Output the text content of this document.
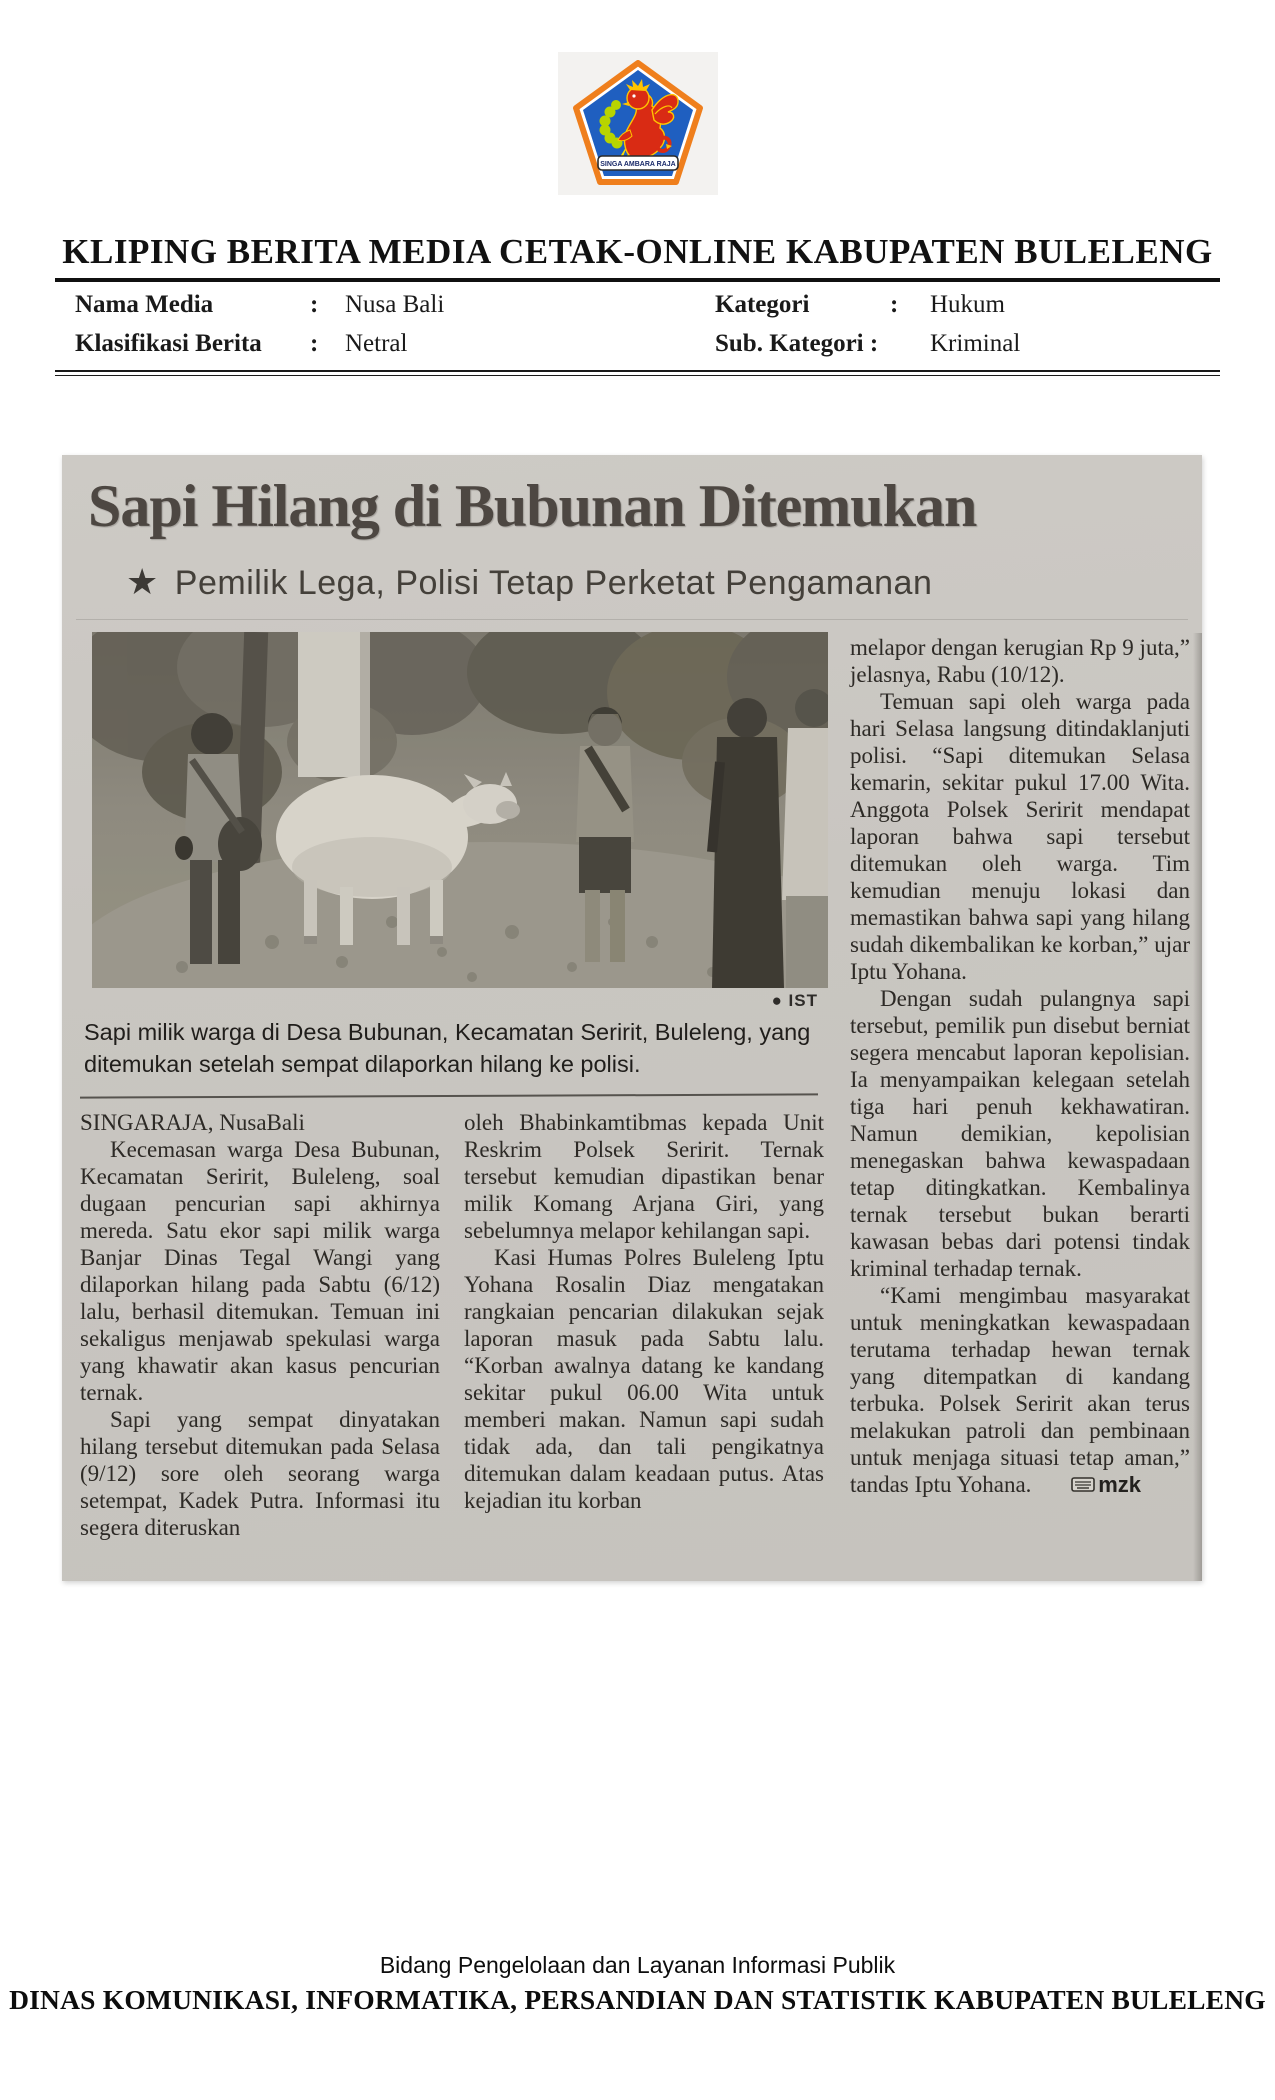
SINGA AMBARA RAJA
KLIPING BERITA MEDIA CETAK-ONLINE KABUPATEN BULELENG
Nama Media	:	Nusa Bali	Kategori	:	Hukum
Klasifikasi Berita	:	Netral	Sub. Kategori :	Kriminal
Sapi Hilang di Bubunan Ditemukan
★ Pemilik Lega, Polisi Tetap Perketat Pengamanan
● IST
Sapi milik warga di Desa Bubunan, Kecamatan Seririt, Buleleng, yang ditemukan setelah sempat dilaporkan hilang ke polisi.

SINGARAJA, NusaBali

Kecemasan warga Desa Bubunan, Kecamatan Seririt, Buleleng, soal dugaan pencurian sapi akhirnya mereda. Satu ekor sapi milik warga Banjar Dinas Tegal Wangi yang dilaporkan hilang pada Sabtu (6/12) lalu, berhasil ditemukan. Temuan ini sekaligus menjawab spekulasi warga yang khawatir akan kasus pencurian ternak.

Sapi yang sempat dinyatakan hilang tersebut ditemukan pada Selasa (9/12) sore oleh seorang warga setempat, Kadek Putra. Informasi itu segera diteruskan

oleh Bhabinkamtibmas kepada Unit Reskrim Polsek Seririt. Ternak tersebut kemudian dipastikan benar milik Komang Arjana Giri, yang sebelumnya melapor kehilangan sapi.

Kasi Humas Polres Buleleng Iptu Yohana Rosalin Diaz mengatakan rangkaian pencarian dilakukan sejak laporan masuk pada Sabtu lalu. “Korban awalnya datang ke kandang sekitar pukul 06.00 Wita untuk memberi makan. Namun sapi sudah tidak ada, dan tali pengikatnya ditemukan dalam keadaan putus. Atas kejadian itu korban

melapor dengan kerugian Rp 9 juta,” jelasnya, Rabu (10/12).

Temuan sapi oleh warga pada hari Selasa langsung ditindaklanjuti polisi. “Sapi ditemukan Selasa kemarin, sekitar pukul 17.00 Wita. Anggota Polsek Seririt mendapat laporan bahwa sapi tersebut ditemukan oleh warga. Tim kemudian menuju lokasi dan memastikan bahwa sapi yang hilang sudah dikembalikan ke korban,” ujar Iptu Yohana.

Dengan sudah pulangnya sapi tersebut, pemilik pun disebut berniat segera mencabut laporan kepolisian. Ia menyampaikan kelegaan setelah tiga hari penuh kekhawatiran. Namun demikian, kepolisian menegaskan bahwa kewaspadaan tetap ditingkatkan. Kembalinya ternak tersebut bukan berarti kawasan bebas dari potensi tindak kriminal terhadap ternak.

“Kami mengimbau masyarakat untuk meningkatkan kewaspadaan terutama terhadap hewan ternak yang ditempatkan di kandang terbuka. Polsek Seririt akan terus melakukan patroli dan pembinaan untuk menjaga situasi tetap aman,” tandas Iptu Yohana.	mzk

Bidang Pengelolaan dan Layanan Informasi Publik
DINAS KOMUNIKASI, INFORMATIKA, PERSANDIAN DAN STATISTIK KABUPATEN BULELENG
